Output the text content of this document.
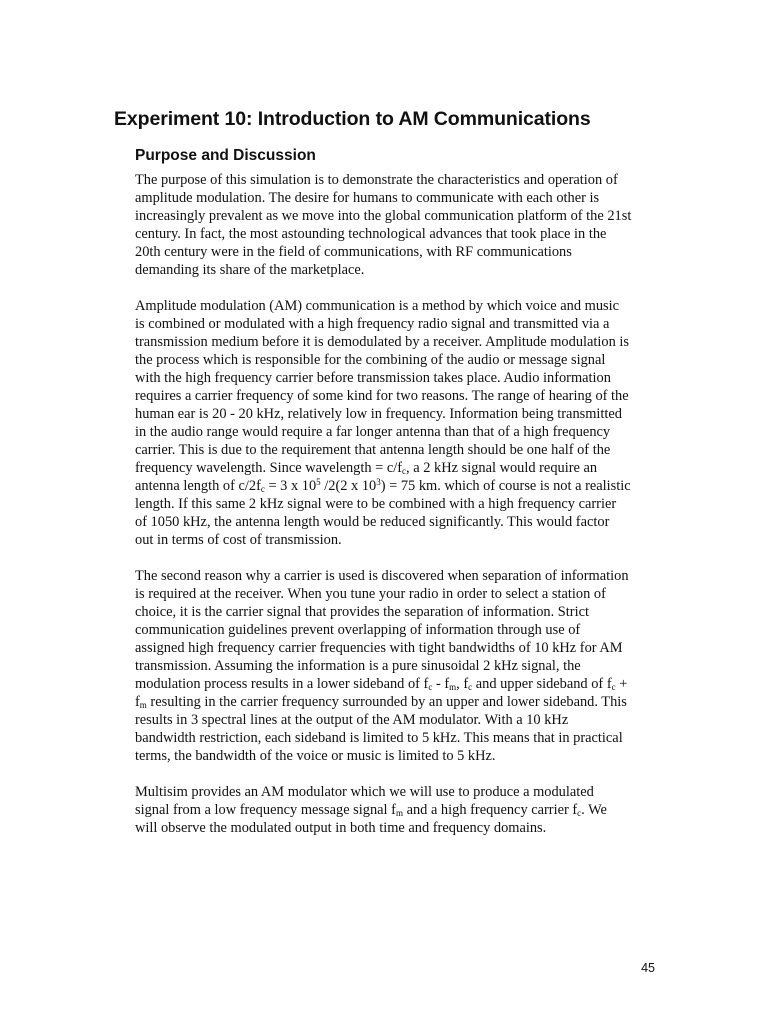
Experiment 10: Introduction to AM Communications
Purpose and Discussion

The purpose of this simulation is to demonstrate the characteristics and operation of
amplitude modulation. The desire for humans to communicate with each other is
increasingly prevalent as we move into the global communication platform of the 21st
century. In fact, the most astounding technological advances that took place in the
20th century were in the field of communications, with RF communications
demanding its share of the marketplace.

Amplitude modulation (AM) communication is a method by which voice and music
is combined or modulated with a high frequency radio signal and transmitted via a
transmission medium before it is demodulated by a receiver. Amplitude modulation is
the process which is responsible for the combining of the audio or message signal
with the high frequency carrier before transmission takes place. Audio information
requires a carrier frequency of some kind for two reasons. The range of hearing of the
human ear is 20 - 20 kHz, relatively low in frequency. Information being transmitted
in the audio range would require a far longer antenna than that of a high frequency
carrier. This is due to the requirement that antenna length should be one half of the
frequency wavelength. Since wavelength = $c/f_c$, a 2 kHz signal would require an
antenna length of $c/2f_c = 3$ x $10^5$ /2(2 x $10^3) = 75$ km. which of course is not a realistic
length. If this same 2 kHz signal were to be combined with a high frequency carrier
of 1050 kHz, the antenna length would be reduced significantly. This would factor
out in terms of cost of transmission.

The second reason why a carrier is used is discovered when separation of information
is required at the receiver. When you tune your radio in order to select a station of
choice, it is the carrier signal that provides the separation of information. Strict
communication guidelines prevent overlapping of information through use of
assigned high frequency carrier frequencies with tight bandwidths of 10 kHz for AM
transmission. Assuming the information is a pure sinusoidal 2 kHz signal, the
modulation process results in a lower sideband of $f_c - f_m$, $f_c$ and upper sideband of $f_c$ +
$f_m$ resulting in the carrier frequency surrounded by an upper and lower sideband. This
results in 3 spectral lines at the output of the AM modulator. With a 10 kHz
bandwidth restriction, each sideband is limited to 5 kHz. This means that in practical
terms, the bandwidth of the voice or music is limited to 5 kHz.

Multisim provides an AM modulator which we will use to produce a modulated
signal from a low frequency message signal $f_m$ and a high frequency carrier $f_c$. We
will observe the modulated output in both time and frequency domains.

45
